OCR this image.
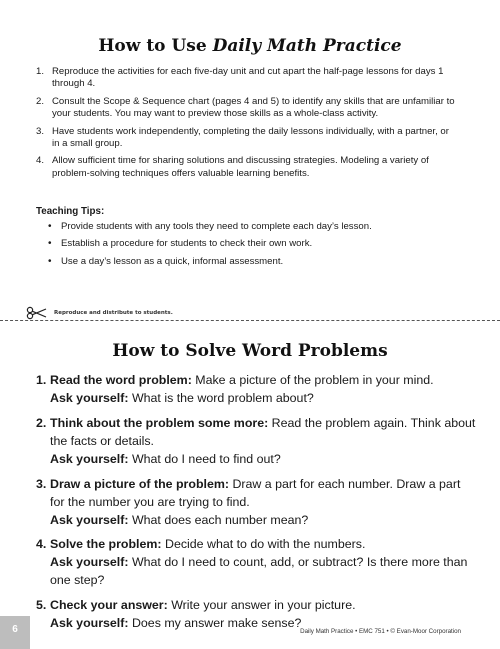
How to Use Daily Math Practice
1. Reproduce the activities for each five-day unit and cut apart the half-page lessons for days 1 through 4.
2. Consult the Scope & Sequence chart (pages 4 and 5) to identify any skills that are unfamiliar to your students. You may want to preview those skills as a whole-class activity.
3. Have students work independently, completing the daily lessons individually, with a partner, or in a small group.
4. Allow sufficient time for sharing solutions and discussing strategies. Modeling a variety of problem-solving techniques offers valuable learning benefits.
Teaching Tips:
• Provide students with any tools they need to complete each day’s lesson.
• Establish a procedure for students to check their own work.
• Use a day’s lesson as a quick, informal assessment.
Reproduce and distribute to students.
How to Solve Word Problems
1. Read the word problem: Make a picture of the problem in your mind.
Ask yourself: What is the word problem about?
2. Think about the problem some more: Read the problem again. Think about the facts or details.
Ask yourself: What do I need to find out?
3. Draw a picture of the problem: Draw a part for each number. Draw a part for the number you are trying to find.
Ask yourself: What does each number mean?
4. Solve the problem: Decide what to do with the numbers.
Ask yourself: What do I need to count, add, or subtract? Is there more than one step?
5. Check your answer: Write your answer in your picture.
Ask yourself: Does my answer make sense?
6	Daily Math Practice • EMC 751 • © Evan-Moor Corporation
